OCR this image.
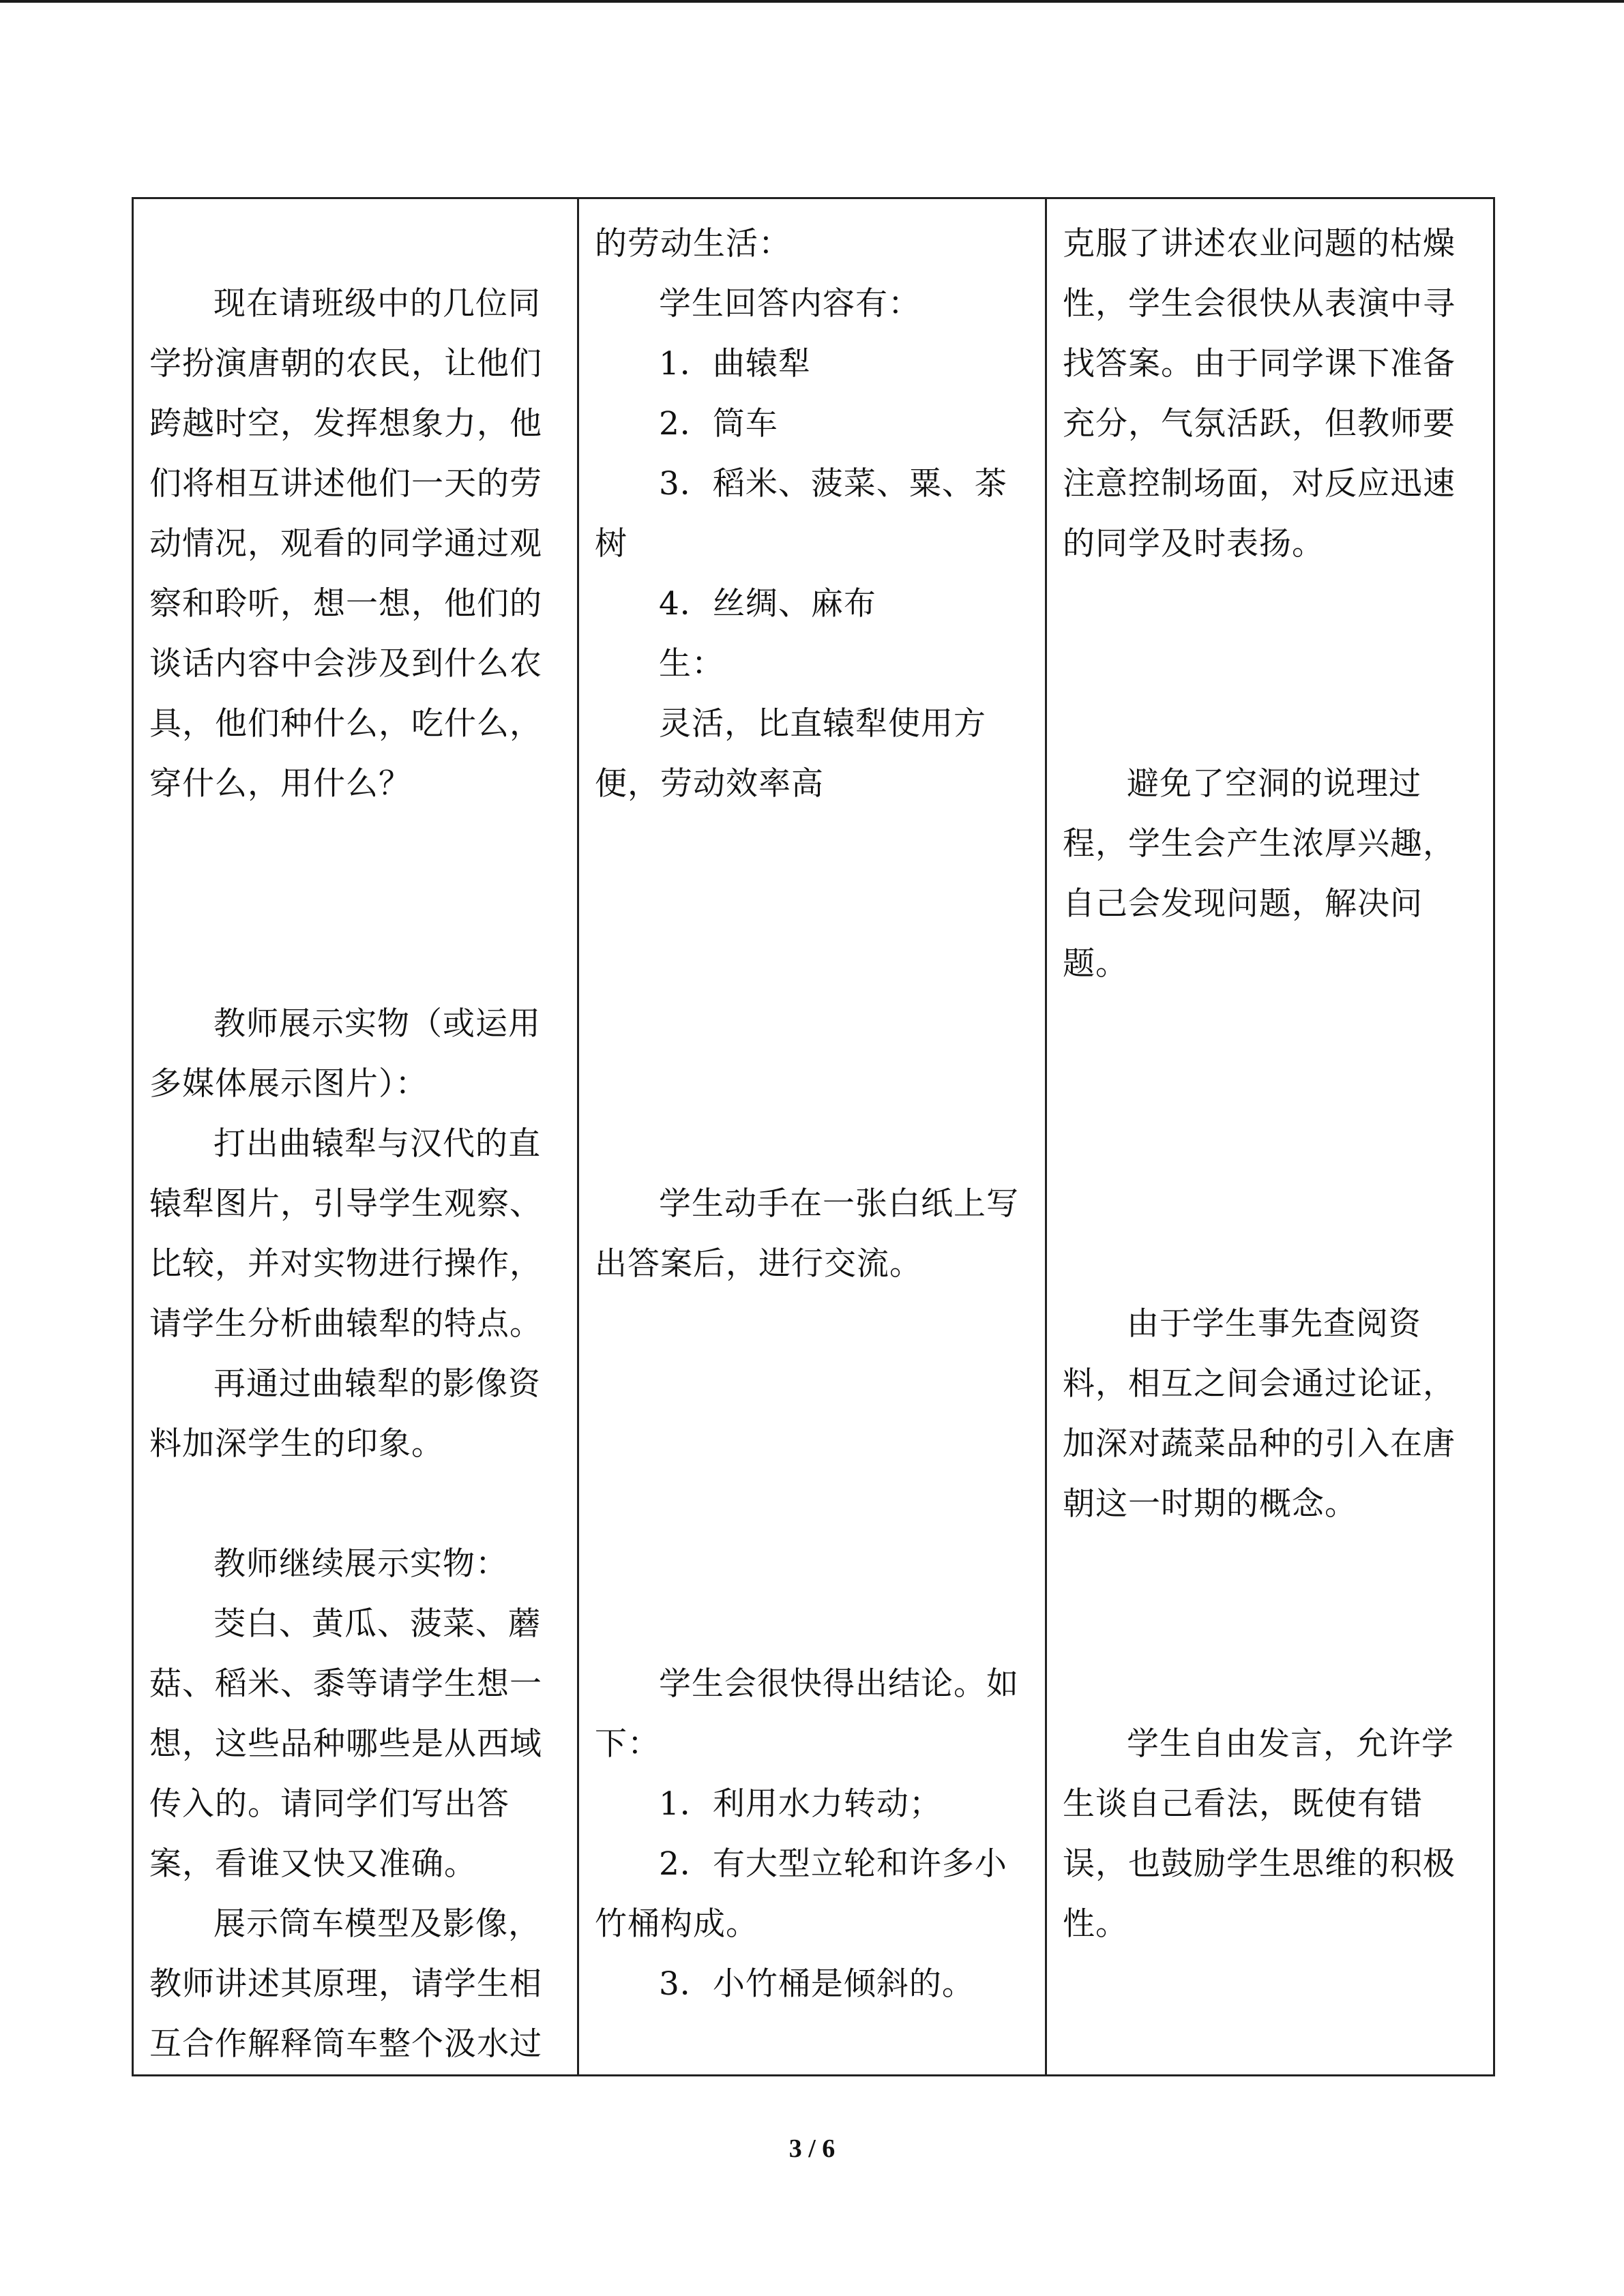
现在请班级中的几位同
学扮演唐朝的农民，让他们
跨越时空，发挥想象力，他
们将相互讲述他们一天的劳
动情况，观看的同学通过观
察和聆听，想一想，他们的
谈话内容中会涉及到什么农
具，他们种什么，吃什么，
穿什么，用什么？
教师展示实物（或运用
多媒体展示图片）：
打出曲辕犁与汉代的直
辕犁图片，引导学生观察、
比较，并对实物进行操作，
请学生分析曲辕犁的特点。
再通过曲辕犁的影像资
料加深学生的印象。
教师继续展示实物：
茭白、黄瓜、菠菜、蘑
菇、稻米、黍等请学生想一
想，这些品种哪些是从西域
传入的。请同学们写出答
案，看谁又快又准确。
展示筒车模型及影像，
教师讲述其原理，请学生相
互合作解释筒车整个汲水过

的劳动生活：
学生回答内容有：
1．曲辕犁
2．筒车
3．稻米、菠菜、粟、茶
树
4．丝绸、麻布
生：
灵活，比直辕犁使用方
便，劳动效率高
学生动手在一张白纸上写
出答案后，进行交流。
学生会很快得出结论。如
下：
1．利用水力转动；
2．有大型立轮和许多小
竹桶构成。
3．小竹桶是倾斜的。

克服了讲述农业问题的枯燥
性，学生会很快从表演中寻
找答案。由于同学课下准备
充分，气氛活跃，但教师要
注意控制场面，对反应迅速
的同学及时表扬。
避免了空洞的说理过
程，学生会产生浓厚兴趣，
自己会发现问题，解决问
题。
由于学生事先查阅资
料，相互之间会通过论证，
加深对蔬菜品种的引入在唐
朝这一时期的概念。
学生自由发言，允许学
生谈自己看法，既使有错
误，也鼓励学生思维的积极
性。
3 / 6
